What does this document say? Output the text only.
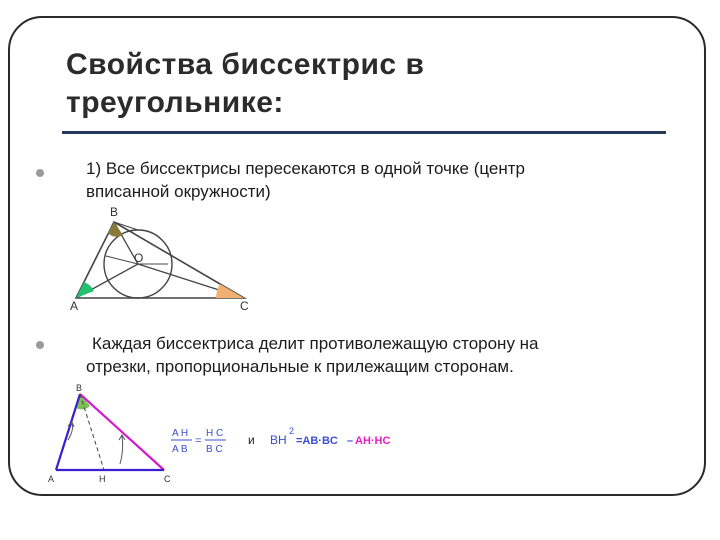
Свойства биссектрис в
треугольнике:
1) Все биссектрисы пересекаются в одной точке (центр
вписанной окружности)
B
O
A	C
Каждая биссектриса делит противолежащую сторону на
отрезки, пропорциональные к прилежащим сторонам.
B
A	H	C
A H
A B
=
H C
B C
и BH
2
=AB·BC – AH·HC
